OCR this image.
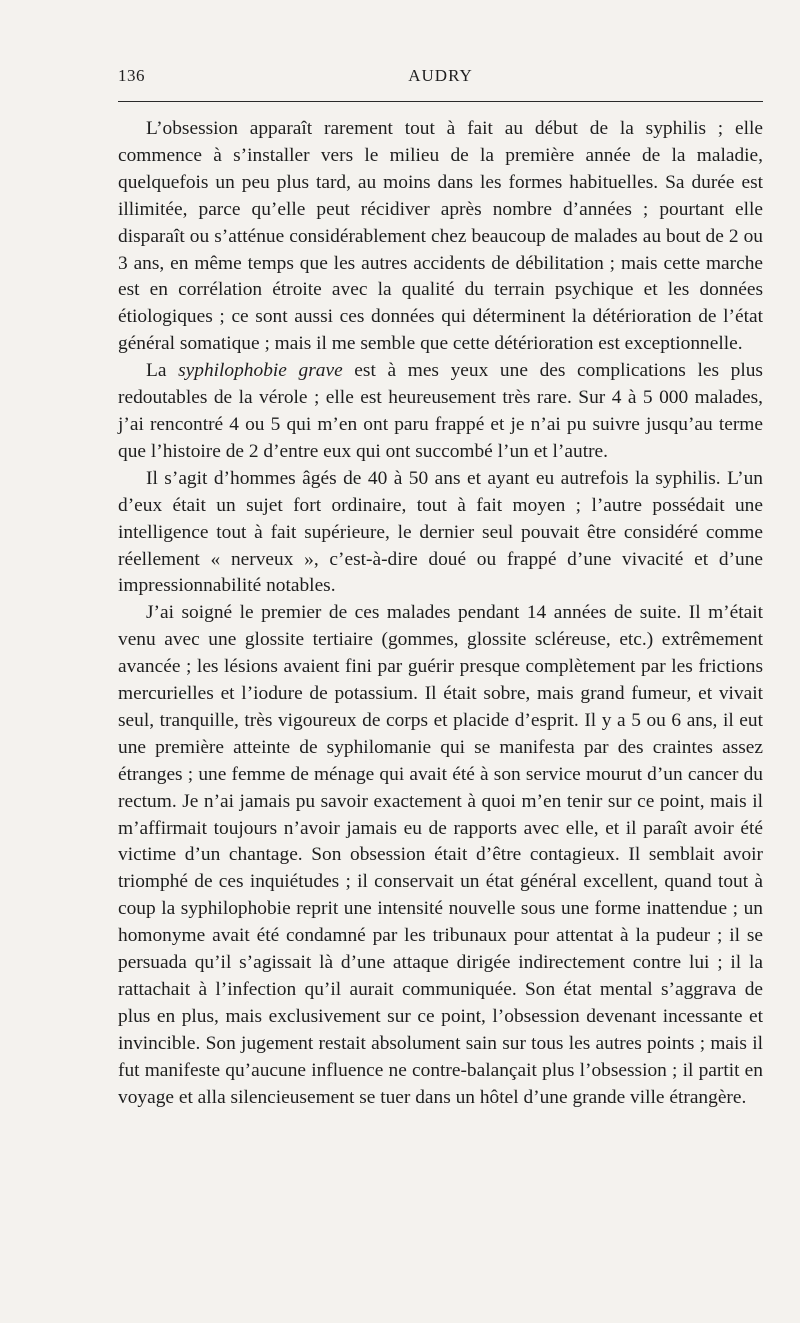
136	AUDRY

L’obsession apparaît rarement tout à fait au début de la syphilis ; elle commence à s’installer vers le milieu de la première année de la maladie, quelquefois un peu plus tard, au moins dans les formes habituelles. Sa durée est illimitée, parce qu’elle peut récidiver après nombre d’années ; pourtant elle disparaît ou s’atténue considérablement chez beaucoup de malades au bout de 2 ou 3 ans, en même temps que les autres accidents de débilitation ; mais cette marche est en corrélation étroite avec la qualité du terrain psychique et les données étiologiques ; ce sont aussi ces données qui déterminent la détérioration de l’état général somatique ; mais il me semble que cette détérioration est exceptionnelle.

La syphilophobie grave est à mes yeux une des complications les plus redoutables de la vérole ; elle est heureusement très rare. Sur 4 à 5 000 malades, j’ai rencontré 4 ou 5 qui m’en ont paru frappé et je n’ai pu suivre jusqu’au terme que l’histoire de 2 d’entre eux qui ont succombé l’un et l’autre.

Il s’agit d’hommes âgés de 40 à 50 ans et ayant eu autrefois la syphilis. L’un d’eux était un sujet fort ordinaire, tout à fait moyen ; l’autre possédait une intelligence tout à fait supérieure, le dernier seul pouvait être considéré comme réellement « nerveux », c’est-à-dire doué ou frappé d’une vivacité et d’une impressionnabilité notables.

J’ai soigné le premier de ces malades pendant 14 années de suite. Il m’était venu avec une glossite tertiaire (gommes, glossite scléreuse, etc.) extrêmement avancée ; les lésions avaient fini par guérir presque complètement par les frictions mercurielles et l’iodure de potassium. Il était sobre, mais grand fumeur, et vivait seul, tranquille, très vigoureux de corps et placide d’esprit. Il y a 5 ou 6 ans, il eut une première atteinte de syphilomanie qui se manifesta par des craintes assez étranges ; une femme de ménage qui avait été à son service mourut d’un cancer du rectum. Je n’ai jamais pu savoir exactement à quoi m’en tenir sur ce point, mais il m’affirmait toujours n’avoir jamais eu de rapports avec elle, et il paraît avoir été victime d’un chantage. Son obsession était d’être contagieux. Il semblait avoir triomphé de ces inquiétudes ; il conservait un état général excellent, quand tout à coup la syphilophobie reprit une intensité nouvelle sous une forme inattendue ; un homonyme avait été condamné par les tribunaux pour attentat à la pudeur ; il se persuada qu’il s’agissait là d’une attaque dirigée indirectement contre lui ; il la rattachait à l’infection qu’il aurait communiquée. Son état mental s’aggrava de plus en plus, mais exclusivement sur ce point, l’obsession devenant incessante et invincible. Son jugement restait absolument sain sur tous les autres points ; mais il fut manifeste qu’aucune influence ne contre-balançait plus l’obsession ; il partit en voyage et alla silencieusement se tuer dans un hôtel d’une grande ville étrangère.
